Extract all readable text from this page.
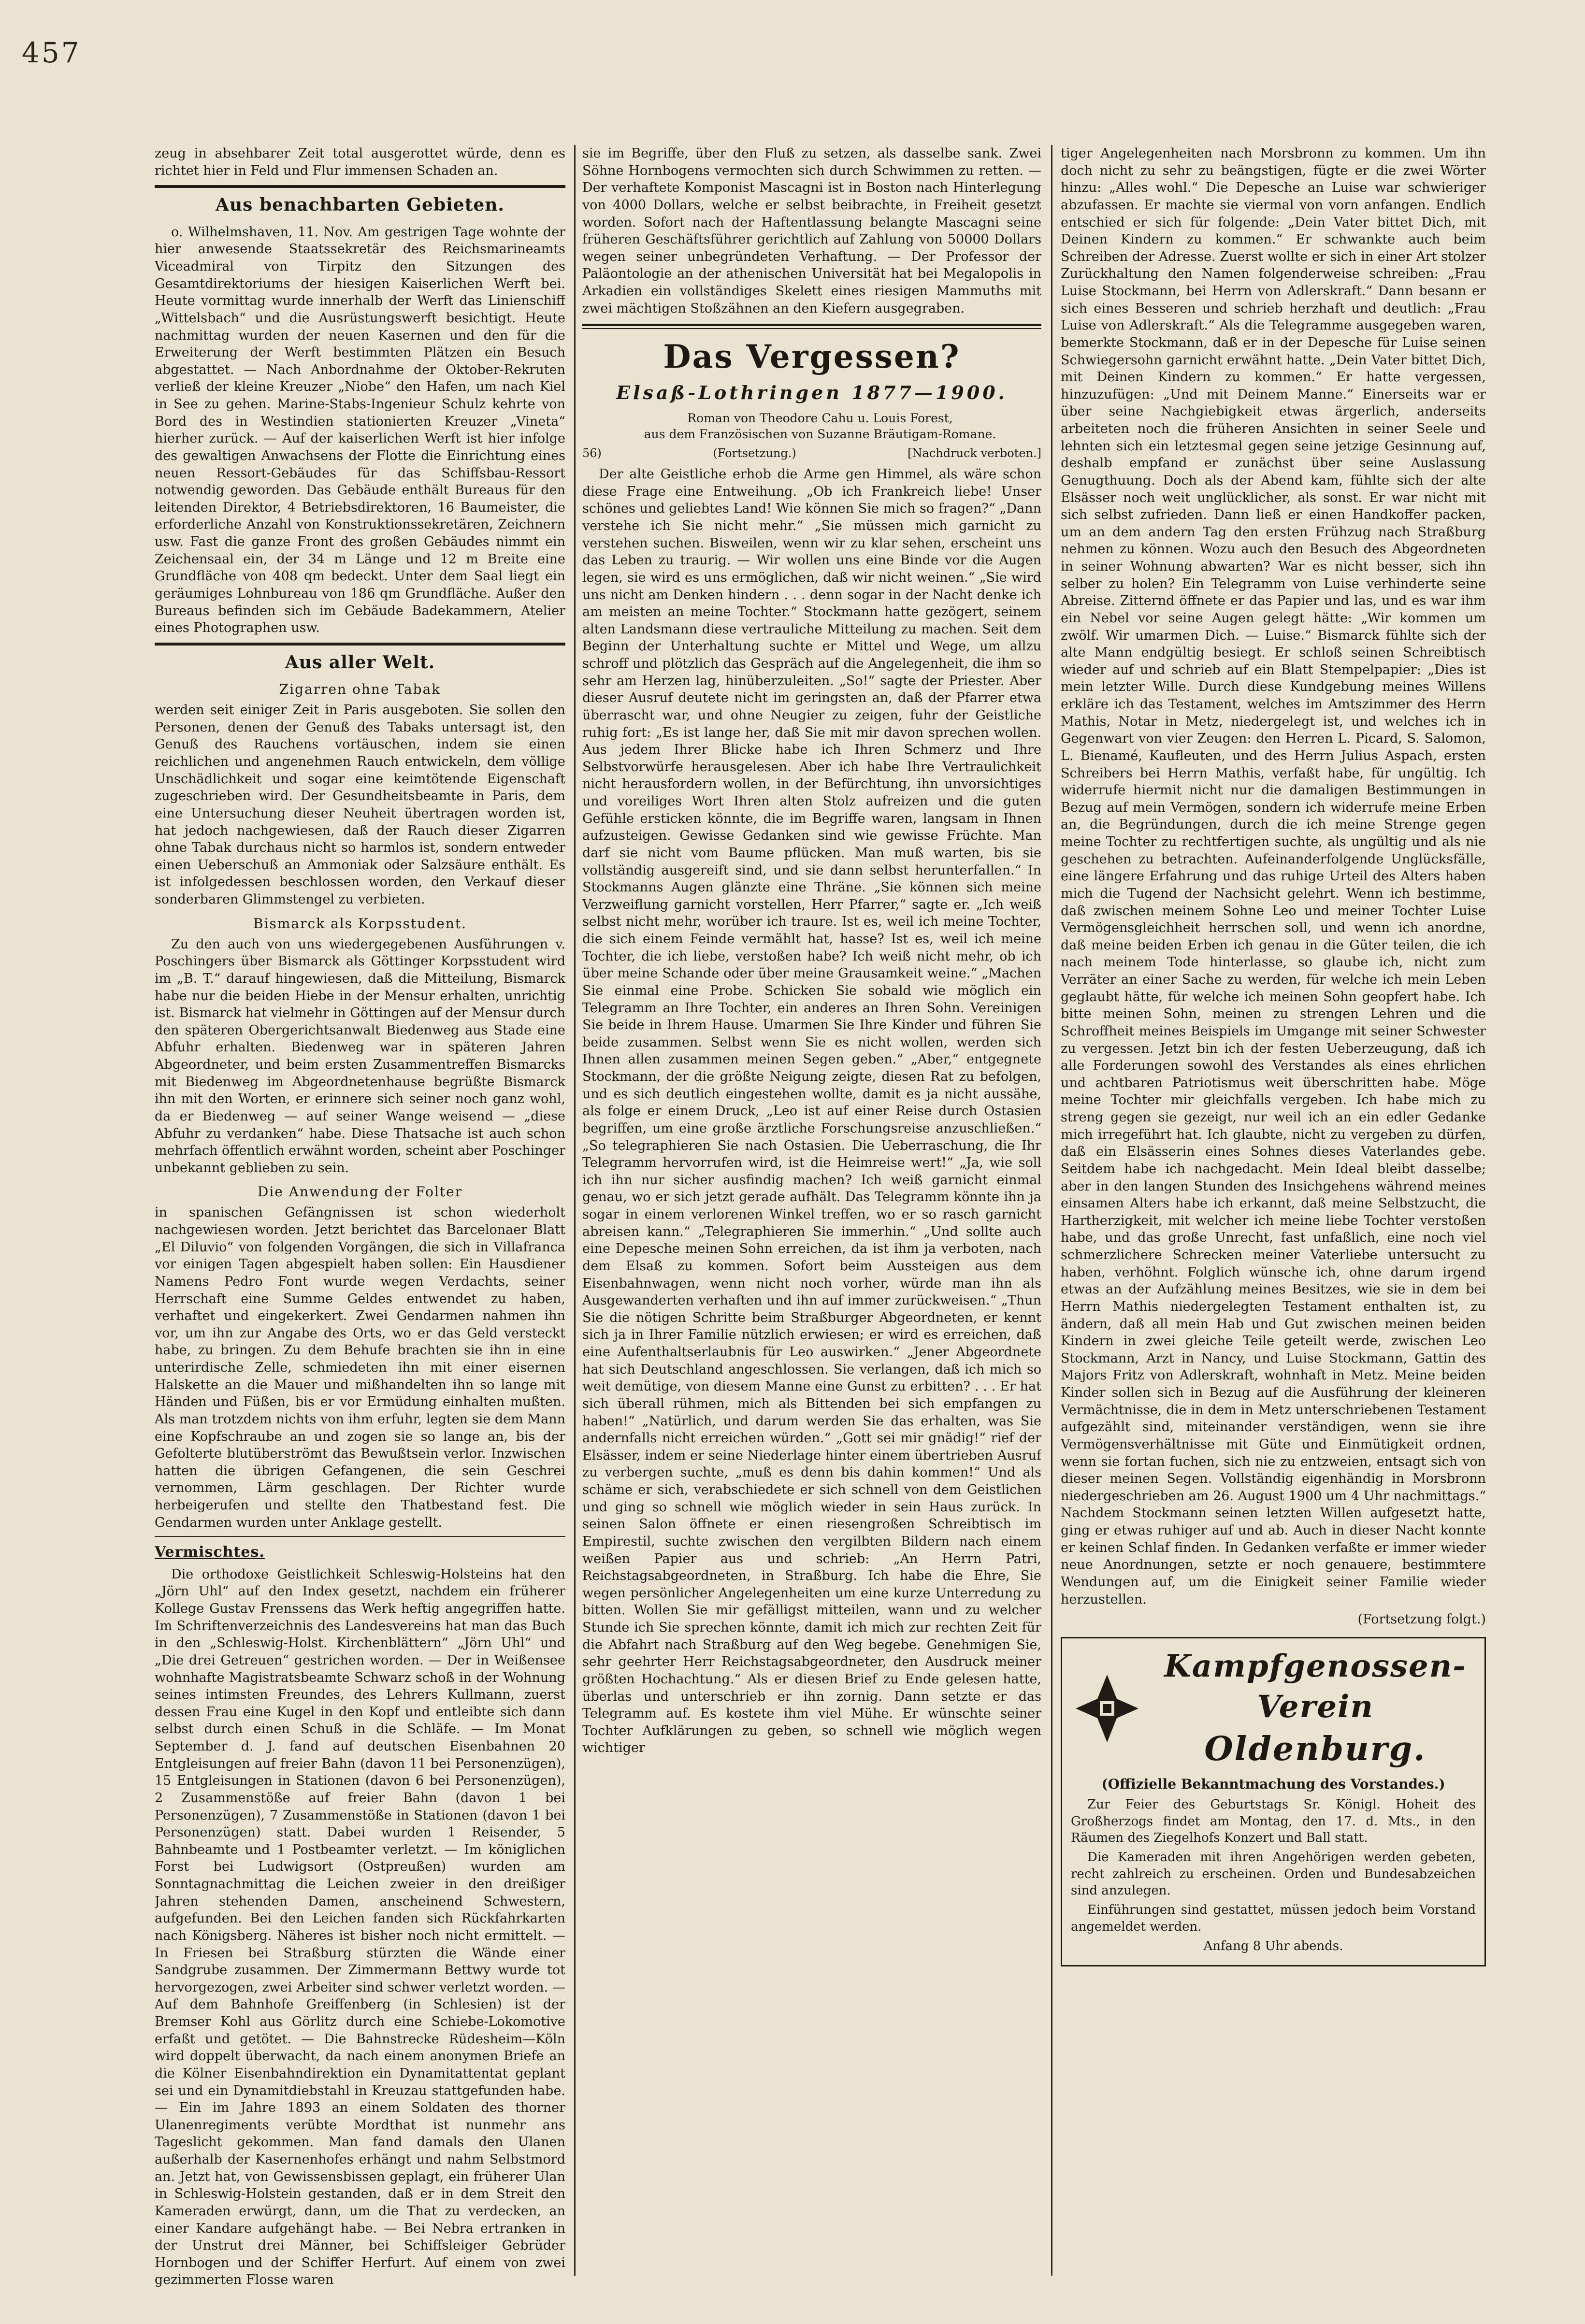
457

zeug in absehbarer Zeit total ausgerottet würde, denn es richtet hier in Feld und Flur immensen Schaden an.

Aus benachbarten Gebieten.

o. Wilhelmshaven, 11. Nov. Am gestrigen Tage wohnte der hier anwesende Staatssekretär des Reichsmarineamts Viceadmiral von Tirpitz den Sitzungen des Gesamtdirektoriums der hiesigen Kaiserlichen Werft bei. Heute vormittag wurde innerhalb der Werft das Linienschiff „Wittelsbach“ und die Ausrüstungswerft besichtigt. Heute nachmittag wurden der neuen Kasernen und den für die Erweiterung der Werft bestimmten Plätzen ein Besuch abgestattet. — Nach Anbordnahme der Oktober-Rekruten verließ der kleine Kreuzer „Niobe“ den Hafen, um nach Kiel in See zu gehen. Marine-Stabs-Ingenieur Schulz kehrte von Bord des in Westindien stationierten Kreuzer „Vineta“ hierher zurück. — Auf der kaiserlichen Werft ist hier infolge des gewaltigen Anwachsens der Flotte die Einrichtung eines neuen Ressort-Gebäudes für das Schiffsbau-Ressort notwendig geworden. Das Gebäude enthält Bureaus für den leitenden Direktor, 4 Betriebsdirektoren, 16 Baumeister, die erforderliche Anzahl von Konstruktionssekretären, Zeichnern usw. Fast die ganze Front des großen Gebäudes nimmt ein Zeichensaal ein, der 34 m Länge und 12 m Breite eine Grundfläche von 408 qm bedeckt. Unter dem Saal liegt ein geräumiges Lohnbureau von 186 qm Grundfläche. Außer den Bureaus befinden sich im Gebäude Badekammern, Atelier eines Photographen usw.

Aus aller Welt.
Zigarren ohne Tabak

werden seit einiger Zeit in Paris ausgeboten. Sie sollen den Personen, denen der Genuß des Tabaks untersagt ist, den Genuß des Rauchens vortäuschen, indem sie einen reichlichen und angenehmen Rauch entwickeln, dem völlige Unschädlichkeit und sogar eine keimtötende Eigenschaft zugeschrieben wird. Der Gesundheitsbeamte in Paris, dem eine Untersuchung dieser Neuheit übertragen worden ist, hat jedoch nachgewiesen, daß der Rauch dieser Zigarren ohne Tabak durchaus nicht so harmlos ist, sondern entweder einen Ueberschuß an Ammoniak oder Salzsäure enthält. Es ist infolgedessen beschlossen worden, den Verkauf dieser sonderbaren Glimmstengel zu verbieten.

Bismarck als Korpsstudent.

Zu den auch von uns wiedergegebenen Ausführungen v. Poschingers über Bismarck als Göttinger Korpsstudent wird im „B. T.“ darauf hingewiesen, daß die Mitteilung, Bismarck habe nur die beiden Hiebe in der Mensur erhalten, unrichtig ist. Bismarck hat vielmehr in Göttingen auf der Mensur durch den späteren Obergerichtsanwalt Biedenweg aus Stade eine Abfuhr erhalten. Biedenweg war in späteren Jahren Abgeordneter, und beim ersten Zusammentreffen Bismarcks mit Biedenweg im Abgeordnetenhause begrüßte Bismarck ihn mit den Worten, er erinnere sich seiner noch ganz wohl, da er Biedenweg — auf seiner Wange weisend — „diese Abfuhr zu verdanken“ habe. Diese Thatsache ist auch schon mehrfach öffentlich erwähnt worden, scheint aber Poschinger unbekannt geblieben zu sein.

Die Anwendung der Folter

in spanischen Gefängnissen ist schon wiederholt nachgewiesen worden. Jetzt berichtet das Barcelonaer Blatt „El Diluvio“ von folgenden Vorgängen, die sich in Villafranca vor einigen Tagen abgespielt haben sollen: Ein Hausdiener Namens Pedro Font wurde wegen Verdachts, seiner Herrschaft eine Summe Geldes entwendet zu haben, verhaftet und eingekerkert. Zwei Gendarmen nahmen ihn vor, um ihn zur Angabe des Orts, wo er das Geld versteckt habe, zu bringen. Zu dem Behufe brachten sie ihn in eine unterirdische Zelle, schmiedeten ihn mit einer eisernen Halskette an die Mauer und mißhandelten ihn so lange mit Händen und Füßen, bis er vor Ermüdung einhalten mußten. Als man trotzdem nichts von ihm erfuhr, legten sie dem Mann eine Kopfschraube an und zogen sie so lange an, bis der Gefolterte blutüberströmt das Bewußtsein verlor. Inzwischen hatten die übrigen Gefangenen, die sein Geschrei vernommen, Lärm geschlagen. Der Richter wurde herbeigerufen und stellte den Thatbestand fest. Die Gendarmen wurden unter Anklage gestellt.

Vermischtes.

Die orthodoxe Geistlichkeit Schleswig-Holsteins hat den „Jörn Uhl“ auf den Index gesetzt, nachdem ein früherer Kollege Gustav Frenssens das Werk heftig angegriffen hatte. Im Schriftenverzeichnis des Landesvereins hat man das Buch in den „Schleswig-Holst. Kirchenblättern“ „Jörn Uhl“ und „Die drei Getreuen“ gestrichen worden. — Der in Weißensee wohnhafte Magistratsbeamte Schwarz schoß in der Wohnung seines intimsten Freundes, des Lehrers Kullmann, zuerst dessen Frau eine Kugel in den Kopf und entleibte sich dann selbst durch einen Schuß in die Schläfe. — Im Monat September d. J. fand auf deutschen Eisenbahnen 20 Entgleisungen auf freier Bahn (davon 11 bei Personenzügen), 15 Entgleisungen in Stationen (davon 6 bei Personenzügen), 2 Zusammenstöße auf freier Bahn (davon 1 bei Personenzügen), 7 Zusammenstöße in Stationen (davon 1 bei Personenzügen) statt. Dabei wurden 1 Reisender, 5 Bahnbeamte und 1 Postbeamter verletzt. — Im königlichen Forst bei Ludwigsort (Ostpreußen) wurden am Sonntagnachmittag die Leichen zweier in den dreißiger Jahren stehenden Damen, anscheinend Schwestern, aufgefunden. Bei den Leichen fanden sich Rückfahrkarten nach Königsberg. Näheres ist bisher noch nicht ermittelt. — In Friesen bei Straßburg stürzten die Wände einer Sandgrube zusammen. Der Zimmermann Bettwy wurde tot hervorgezogen, zwei Arbeiter sind schwer verletzt worden. — Auf dem Bahnhofe Greiffenberg (in Schlesien) ist der Bremser Kohl aus Görlitz durch eine Schiebe-Lokomotive erfaßt und getötet. — Die Bahnstrecke Rüdesheim—Köln wird doppelt überwacht, da nach einem anonymen Briefe an die Kölner Eisenbahndirektion ein Dynamitattentat geplant sei und ein Dynamitdiebstahl in Kreuzau stattgefunden habe. — Ein im Jahre 1893 an einem Soldaten des thorner Ulanenregiments verübte Mordthat ist nunmehr ans Tageslicht gekommen. Man fand damals den Ulanen außerhalb der Kasernenhofes erhängt und nahm Selbstmord an. Jetzt hat, von Gewissensbissen geplagt, ein früherer Ulan in Schleswig-Holstein gestanden, daß er in dem Streit den Kameraden erwürgt, dann, um die That zu verdecken, an einer Kandare aufgehängt habe. — Bei Nebra ertranken in der Unstrut drei Männer, bei Schiffsleiger Gebrüder Hornbogen und der Schiffer Herfurt. Auf einem von zwei gezimmerten Flosse waren

sie im Begriffe, über den Fluß zu setzen, als dasselbe sank. Zwei Söhne Hornbogens vermochten sich durch Schwimmen zu retten. — Der verhaftete Komponist Mascagni ist in Boston nach Hinterlegung von 4000 Dollars, welche er selbst beibrachte, in Freiheit gesetzt worden. Sofort nach der Haftentlassung belangte Mascagni seine früheren Geschäftsführer gerichtlich auf Zahlung von 50000 Dollars wegen seiner unbegründeten Verhaftung. — Der Professor der Paläontologie an der athenischen Universität hat bei Megalopolis in Arkadien ein vollständiges Skelett eines riesigen Mammuths mit zwei mächtigen Stoßzähnen an den Kiefern ausgegraben.

Das Vergessen?
Elsaß-Lothringen 1877—1900.

Roman von Theodore Cahu u. Louis Forest,

aus dem Französischen von Suzanne Bräutigam-Romane.

56)	(Fortsetzung.)	[Nachdruck verboten.]

Der alte Geistliche erhob die Arme gen Himmel, als wäre schon diese Frage eine Entweihung. „Ob ich Frankreich liebe! Unser schönes und geliebtes Land! Wie können Sie mich so fragen?“ „Dann verstehe ich Sie nicht mehr.“ „Sie müssen mich garnicht zu verstehen suchen. Bisweilen, wenn wir zu klar sehen, erscheint uns das Leben zu traurig. — Wir wollen uns eine Binde vor die Augen legen, sie wird es uns ermöglichen, daß wir nicht weinen.“ „Sie wird uns nicht am Denken hindern . . . denn sogar in der Nacht denke ich am meisten an meine Tochter.“ Stockmann hatte gezögert, seinem alten Landsmann diese vertrauliche Mitteilung zu machen. Seit dem Beginn der Unterhaltung suchte er Mittel und Wege, um allzu schroff und plötzlich das Gespräch auf die Angelegenheit, die ihm so sehr am Herzen lag, hinüberzuleiten. „So!“ sagte der Priester. Aber dieser Ausruf deutete nicht im geringsten an, daß der Pfarrer etwa überrascht war, und ohne Neugier zu zeigen, fuhr der Geistliche ruhig fort: „Es ist lange her, daß Sie mit mir davon sprechen wollen. Aus jedem Ihrer Blicke habe ich Ihren Schmerz und Ihre Selbstvorwürfe herausgelesen. Aber ich habe Ihre Vertraulichkeit nicht herausfordern wollen, in der Befürchtung, ihn unvorsichtiges und voreiliges Wort Ihren alten Stolz aufreizen und die guten Gefühle ersticken könnte, die im Begriffe waren, langsam in Ihnen aufzusteigen. Gewisse Gedanken sind wie gewisse Früchte. Man darf sie nicht vom Baume pflücken. Man muß warten, bis sie vollständig ausgereift sind, und sie dann selbst herunterfallen.“ In Stockmanns Augen glänzte eine Thräne. „Sie können sich meine Verzweiflung garnicht vorstellen, Herr Pfarrer,“ sagte er. „Ich weiß selbst nicht mehr, worüber ich traure. Ist es, weil ich meine Tochter, die sich einem Feinde vermählt hat, hasse? Ist es, weil ich meine Tochter, die ich liebe, verstoßen habe? Ich weiß nicht mehr, ob ich über meine Schande oder über meine Grausamkeit weine.“ „Machen Sie einmal eine Probe. Schicken Sie sobald wie möglich ein Telegramm an Ihre Tochter, ein anderes an Ihren Sohn. Vereinigen Sie beide in Ihrem Hause. Umarmen Sie Ihre Kinder und führen Sie beide zusammen. Selbst wenn Sie es nicht wollen, werden sich Ihnen allen zusammen meinen Segen geben.“ „Aber,“ entgegnete Stockmann, der die größte Neigung zeigte, diesen Rat zu befolgen, und es sich deutlich eingestehen wollte, damit es ja nicht aussähe, als folge er einem Druck, „Leo ist auf einer Reise durch Ostasien begriffen, um eine große ärztliche Forschungsreise anzuschließen.“ „So telegraphieren Sie nach Ostasien. Die Ueberraschung, die Ihr Telegramm hervorrufen wird, ist die Heimreise wert!“ „Ja, wie soll ich ihn nur sicher ausfindig machen? Ich weiß garnicht einmal genau, wo er sich jetzt gerade aufhält. Das Telegramm könnte ihn ja sogar in einem verlorenen Winkel treffen, wo er so rasch garnicht abreisen kann.“ „Telegraphieren Sie immerhin.“ „Und sollte auch eine Depesche meinen Sohn erreichen, da ist ihm ja verboten, nach dem Elsaß zu kommen. Sofort beim Aussteigen aus dem Eisenbahnwagen, wenn nicht noch vorher, würde man ihn als Ausgewanderten verhaften und ihn auf immer zurückweisen.“ „Thun Sie die nötigen Schritte beim Straßburger Abgeordneten, er kennt sich ja in Ihrer Familie nützlich erwiesen; er wird es erreichen, daß eine Aufenthaltserlaubnis für Leo auswirken.“ „Jener Abgeordnete hat sich Deutschland angeschlossen. Sie verlangen, daß ich mich so weit demütige, von diesem Manne eine Gunst zu erbitten? . . . Er hat sich überall rühmen, mich als Bittenden bei sich empfangen zu haben!“ „Natürlich, und darum werden Sie das erhalten, was Sie andernfalls nicht erreichen würden.“ „Gott sei mir gnädig!“ rief der Elsässer, indem er seine Niederlage hinter einem übertrieben Ausruf zu verbergen suchte, „muß es denn bis dahin kommen!“ Und als schäme er sich, verabschiedete er sich schnell von dem Geistlichen und ging so schnell wie möglich wieder in sein Haus zurück. In seinen Salon öffnete er einen riesengroßen Schreibtisch im Empirestil, suchte zwischen den vergilbten Bildern nach einem weißen Papier aus und schrieb: „An Herrn Patri, Reichstagsabgeordneten, in Straßburg. Ich habe die Ehre, Sie wegen persönlicher Angelegenheiten um eine kurze Unterredung zu bitten. Wollen Sie mir gefälligst mitteilen, wann und zu welcher Stunde ich Sie sprechen könnte, damit ich mich zur rechten Zeit für die Abfahrt nach Straßburg auf den Weg begebe. Genehmigen Sie, sehr geehrter Herr Reichstagsabgeordneter, den Ausdruck meiner größten Hochachtung.“ Als er diesen Brief zu Ende gelesen hatte, überlas und unterschrieb er ihn zornig. Dann setzte er das Telegramm auf. Es kostete ihm viel Mühe. Er wünschte seiner Tochter Aufklärungen zu geben, so schnell wie möglich wegen wichtiger

tiger Angelegenheiten nach Morsbronn zu kommen. Um ihn doch nicht zu sehr zu beängstigen, fügte er die zwei Wörter hinzu: „Alles wohl.“ Die Depesche an Luise war schwieriger abzufassen. Er machte sie viermal von vorn anfangen. Endlich entschied er sich für folgende: „Dein Vater bittet Dich, mit Deinen Kindern zu kommen.“ Er schwankte auch beim Schreiben der Adresse. Zuerst wollte er sich in einer Art stolzer Zurückhaltung den Namen folgenderweise schreiben: „Frau Luise Stockmann, bei Herrn von Adlerskraft.“ Dann besann er sich eines Besseren und schrieb herzhaft und deutlich: „Frau Luise von Adlerskraft.“ Als die Telegramme ausgegeben waren, bemerkte Stockmann, daß er in der Depesche für Luise seinen Schwiegersohn garnicht erwähnt hatte. „Dein Vater bittet Dich, mit Deinen Kindern zu kommen.“ Er hatte vergessen, hinzuzufügen: „Und mit Deinem Manne.“ Einerseits war er über seine Nachgiebigkeit etwas ärgerlich, anderseits arbeiteten noch die früheren Ansichten in seiner Seele und lehnten sich ein letztesmal gegen seine jetzige Gesinnung auf, deshalb empfand er zunächst über seine Auslassung Genugthuung. Doch als der Abend kam, fühlte sich der alte Elsässer noch weit unglücklicher, als sonst. Er war nicht mit sich selbst zufrieden. Dann ließ er einen Handkoffer packen, um an dem andern Tag den ersten Frühzug nach Straßburg nehmen zu können. Wozu auch den Besuch des Abgeordneten in seiner Wohnung abwarten? War es nicht besser, sich ihn selber zu holen? Ein Telegramm von Luise verhinderte seine Abreise. Zitternd öffnete er das Papier und las, und es war ihm ein Nebel vor seine Augen gelegt hätte: „Wir kommen um zwölf. Wir umarmen Dich. — Luise.“ Bismarck fühlte sich der alte Mann endgültig besiegt. Er schloß seinen Schreibtisch wieder auf und schrieb auf ein Blatt Stempelpapier: „Dies ist mein letzter Wille. Durch diese Kundgebung meines Willens erkläre ich das Testament, welches im Amtszimmer des Herrn Mathis, Notar in Metz, niedergelegt ist, und welches ich in Gegenwart von vier Zeugen: den Herren L. Picard, S. Salomon, L. Bienamé, Kaufleuten, und des Herrn Julius Aspach, ersten Schreibers bei Herrn Mathis, verfaßt habe, für ungültig. Ich widerrufe hiermit nicht nur die damaligen Bestimmungen in Bezug auf mein Vermögen, sondern ich widerrufe meine Erben an, die Begründungen, durch die ich meine Strenge gegen meine Tochter zu rechtfertigen suchte, als ungültig und als nie geschehen zu betrachten. Aufeinanderfolgende Unglücksfälle, eine längere Erfahrung und das ruhige Urteil des Alters haben mich die Tugend der Nachsicht gelehrt. Wenn ich bestimme, daß zwischen meinem Sohne Leo und meiner Tochter Luise Vermögensgleichheit herrschen soll, und wenn ich anordne, daß meine beiden Erben ich genau in die Güter teilen, die ich nach meinem Tode hinterlasse, so glaube ich, nicht zum Verräter an einer Sache zu werden, für welche ich mein Leben geglaubt hätte, für welche ich meinen Sohn geopfert habe. Ich bitte meinen Sohn, meinen zu strengen Lehren und die Schroffheit meines Beispiels im Umgange mit seiner Schwester zu vergessen. Jetzt bin ich der festen Ueberzeugung, daß ich alle Forderungen sowohl des Verstandes als eines ehrlichen und achtbaren Patriotismus weit überschritten habe. Möge meine Tochter mir gleichfalls vergeben. Ich habe mich zu streng gegen sie gezeigt, nur weil ich an ein edler Gedanke mich irregeführt hat. Ich glaubte, nicht zu vergeben zu dürfen, daß ein Elsässerin eines Sohnes dieses Vaterlandes gebe. Seitdem habe ich nachgedacht. Mein Ideal bleibt dasselbe; aber in den langen Stunden des Insichgehens während meines einsamen Alters habe ich erkannt, daß meine Selbstzucht, die Hartherzigkeit, mit welcher ich meine liebe Tochter verstoßen habe, und das große Unrecht, fast unfaßlich, eine noch viel schmerzlichere Schrecken meiner Vaterliebe untersucht zu haben, verhöhnt. Folglich wünsche ich, ohne darum irgend etwas an der Aufzählung meines Besitzes, wie sie in dem bei Herrn Mathis niedergelegten Testament enthalten ist, zu ändern, daß all mein Hab und Gut zwischen meinen beiden Kindern in zwei gleiche Teile geteilt werde, zwischen Leo Stockmann, Arzt in Nancy, und Luise Stockmann, Gattin des Majors Fritz von Adlerskraft, wohnhaft in Metz. Meine beiden Kinder sollen sich in Bezug auf die Ausführung der kleineren Vermächtnisse, die in dem in Metz unterschriebenen Testament aufgezählt sind, miteinander verständigen, wenn sie ihre Vermögensverhältnisse mit Güte und Einmütigkeit ordnen, wenn sie fortan fuchen, sich nie zu entzweien, entsagt sich von dieser meinen Segen. Vollständig eigenhändig in Morsbronn niedergeschrieben am 26. August 1900 um 4 Uhr nachmittags.“ Nachdem Stockmann seinen letzten Willen aufgesetzt hatte, ging er etwas ruhiger auf und ab. Auch in dieser Nacht konnte er keinen Schlaf finden. In Gedanken verfaßte er immer wieder neue Anordnungen, setzte er noch genauere, bestimmtere Wendungen auf, um die Einigkeit seiner Familie wieder herzustellen.

(Fortsetzung folgt.)

Kampfgenossen-Verein
Oldenburg.
(Offizielle Bekanntmachung des Vorstandes.)

Zur Feier des Geburtstags Sr. Königl. Hoheit des Großherzogs findet am Montag, den 17. d. Mts., in den Räumen des Ziegelhofs Konzert und Ball statt.

Die Kameraden mit ihren Angehörigen werden gebeten, recht zahlreich zu erscheinen. Orden und Bundesabzeichen sind anzulegen.

Einführungen sind gestattet, müssen jedoch beim Vorstand angemeldet werden.

Anfang 8 Uhr abends.
